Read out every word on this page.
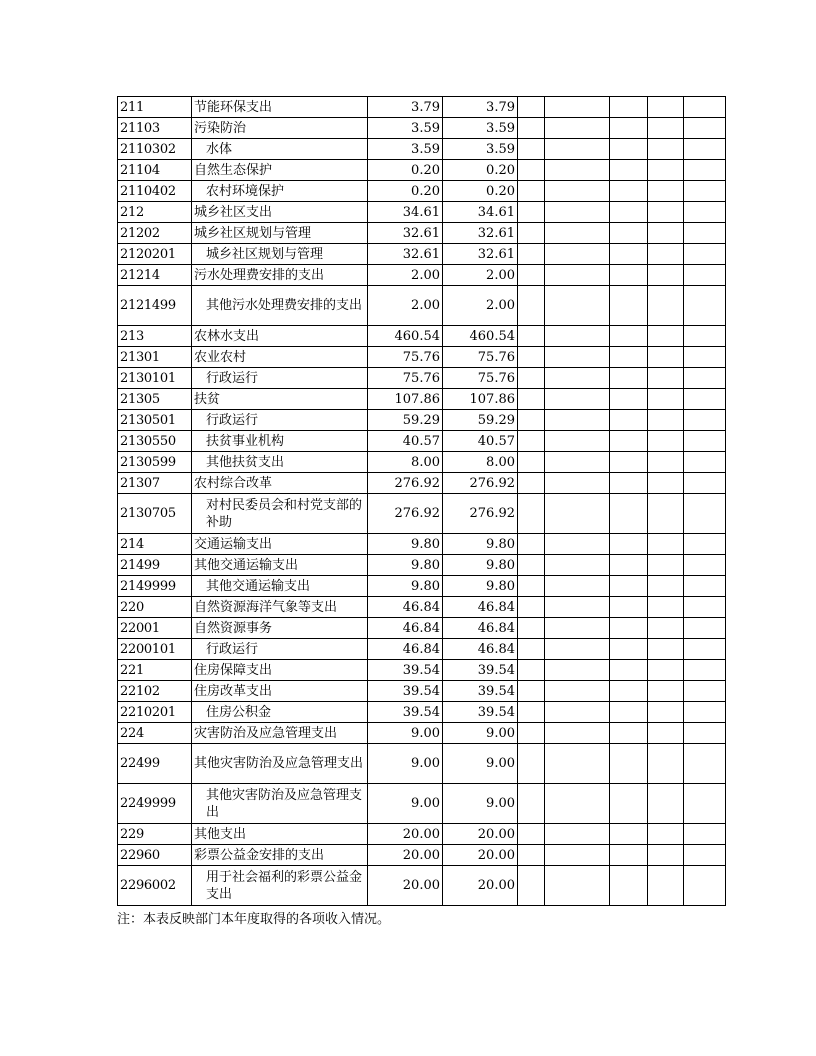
211	节能环保支出	3.79	3.79					
21103	污染防治	3.59	3.59					
2110302	水体	3.59	3.59					
21104	自然生态保护	0.20	0.20					
2110402	农村环境保护	0.20	0.20					
212	城乡社区支出	34.61	34.61					
21202	城乡社区规划与管理	32.61	32.61					
2120201	城乡社区规划与管理	32.61	32.61					
21214	污水处理费安排的支出	2.00	2.00					
2121499	其他污水处理费安排的支出	2.00	2.00					
213	农林水支出	460.54	460.54					
21301	农业农村	75.76	75.76					
2130101	行政运行	75.76	75.76					
21305	扶贫	107.86	107.86					
2130501	行政运行	59.29	59.29					
2130550	扶贫事业机构	40.57	40.57					
2130599	其他扶贫支出	8.00	8.00					
21307	农村综合改革	276.92	276.92					
2130705	对村民委员会和村党支部的补助	276.92	276.92					
214	交通运输支出	9.80	9.80					
21499	其他交通运输支出	9.80	9.80					
2149999	其他交通运输支出	9.80	9.80					
220	自然资源海洋气象等支出	46.84	46.84					
22001	自然资源事务	46.84	46.84					
2200101	行政运行	46.84	46.84					
221	住房保障支出	39.54	39.54					
22102	住房改革支出	39.54	39.54					
2210201	住房公积金	39.54	39.54					
224	灾害防治及应急管理支出	9.00	9.00					
22499	其他灾害防治及应急管理支出	9.00	9.00					
2249999	其他灾害防治及应急管理支出	9.00	9.00					
229	其他支出	20.00	20.00					
22960	彩票公益金安排的支出	20.00	20.00					
2296002	用于社会福利的彩票公益金支出	20.00	20.00					
注：本表反映部门本年度取得的各项收入情况。
